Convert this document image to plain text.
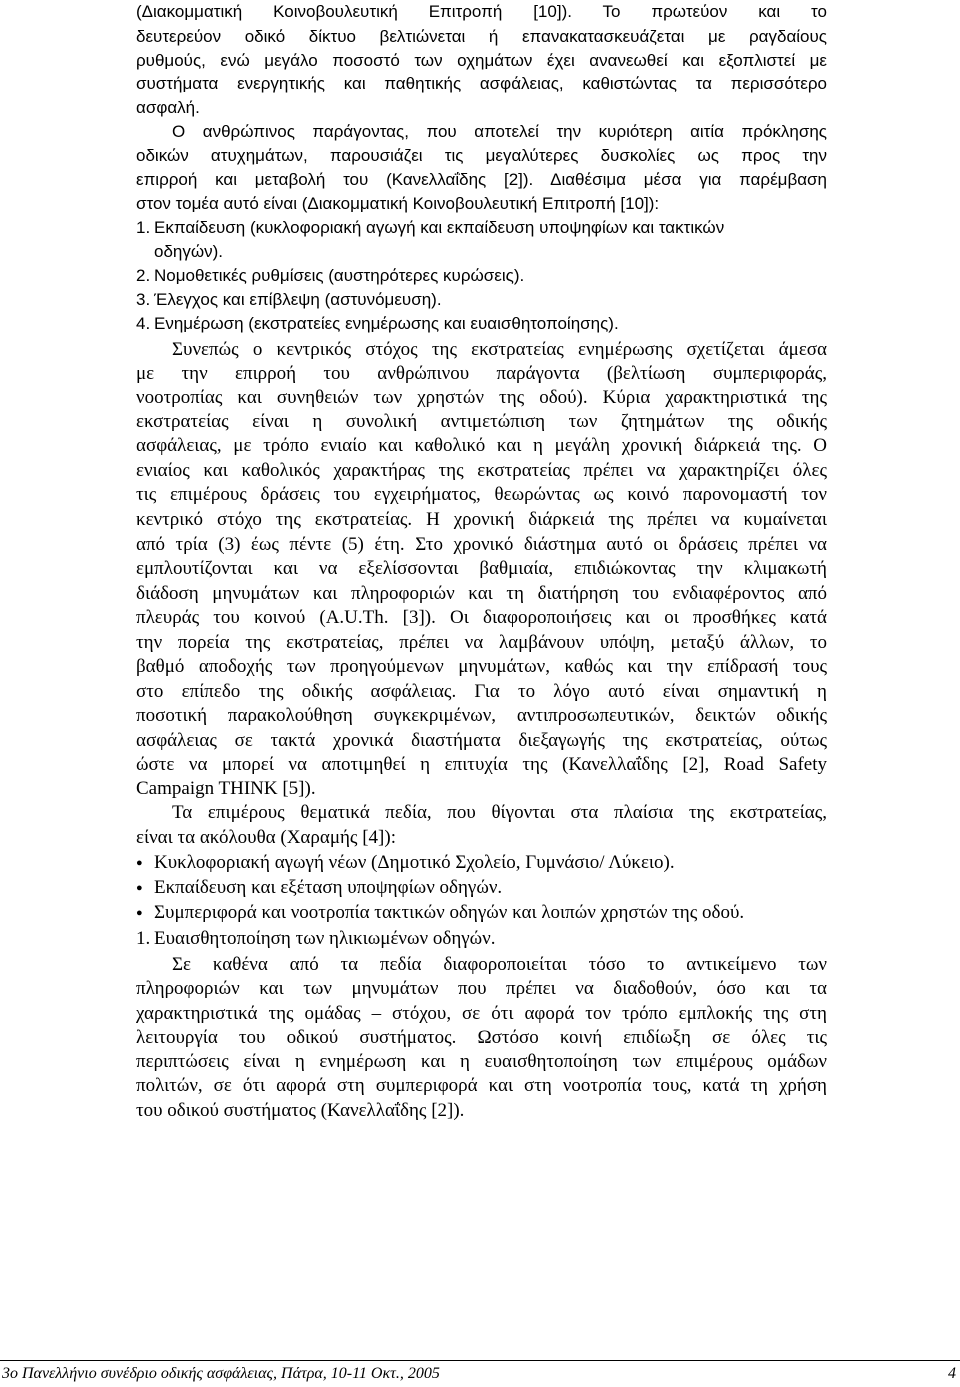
(Διακομματική Κοινοβουλευτική Επιτροπή [10]). Το πρωτεύον και το
δευτερεύον οδικό δίκτυο βελτιώνεται ή επανακατασκευάζεται με ραγδαίους
ρυθμούς, ενώ μεγάλο ποσοστό των οχημάτων έχει ανανεωθεί και εξοπλιστεί με
συστήματα ενεργητικής και παθητικής ασφάλειας, καθιστώντας τα περισσότερο
ασφαλή.
Ο ανθρώπινος παράγοντας, που αποτελεί την κυριότερη αιτία πρόκλησης
οδικών ατυχημάτων, παρουσιάζει τις μεγαλύτερες δυσκολίες ως προς την
επιρροή και μεταβολή του (Κανελλαΐδης [2]). Διαθέσιμα μέσα για παρέμβαση
στον τομέα αυτό είναι (Διακομματική Κοινοβουλευτική Επιτροπή [10]):
1. Εκπαίδευση (κυκλοφοριακή αγωγή και εκπαίδευση υποψηφίων και τακτικών
οδηγών).
2. Νομοθετικές ρυθμίσεις (αυστηρότερες κυρώσεις).
3. Έλεγχος και επίβλεψη (αστυνόμευση).
4. Ενημέρωση (εκστρατείες ενημέρωσης και ευαισθητοποίησης).
Συνεπώς ο κεντρικός στόχος της εκστρατείας ενημέρωσης σχετίζεται άμεσα
με την επιρροή του ανθρώπινου παράγοντα (βελτίωση συμπεριφοράς,
νοοτροπίας και συνηθειών των χρηστών της οδού). Κύρια χαρακτηριστικά της
εκστρατείας είναι η συνολική αντιμετώπιση των ζητημάτων της οδικής
ασφάλειας, με τρόπο ενιαίο και καθολικό και η μεγάλη χρονική διάρκειά της. Ο
ενιαίος και καθολικός χαρακτήρας της εκστρατείας πρέπει να χαρακτηρίζει όλες
τις επιμέρους δράσεις του εγχειρήματος, θεωρώντας ως κοινό παρονομαστή τον
κεντρικό στόχο της εκστρατείας. Η χρονική διάρκειά της πρέπει να κυμαίνεται
από τρία (3) έως πέντε (5) έτη. Στο χρονικό διάστημα αυτό οι δράσεις πρέπει να
εμπλουτίζονται και να εξελίσσονται βαθμιαία, επιδιώκοντας την κλιμακωτή
διάδοση μηνυμάτων και πληροφοριών και τη διατήρηση του ενδιαφέροντος από
πλευράς του κοινού (A.U.Th. [3]). Οι διαφοροποιήσεις και οι προσθήκες κατά
την πορεία της εκστρατείας, πρέπει να λαμβάνουν υπόψη, μεταξύ άλλων, το
βαθμό αποδοχής των προηγούμενων μηνυμάτων, καθώς και την επίδρασή τους
στο επίπεδο της οδικής ασφάλειας. Για το λόγο αυτό είναι σημαντική η
ποσοτική παρακολούθηση συγκεκριμένων, αντιπροσωπευτικών, δεικτών οδικής
ασφάλειας σε τακτά χρονικά διαστήματα διεξαγωγής της εκστρατείας, ούτως
ώστε να μπορεί να αποτιμηθεί η επιτυχία της (Κανελλαΐδης [2], Road Safety
Campaign THINK [5]).
Τα επιμέρους θεματικά πεδία, που θίγονται στα πλαίσια της εκστρατείας,
είναι τα ακόλουθα (Χαραμής [4]):
● Κυκλοφοριακή αγωγή νέων (Δημοτικό Σχολείο, Γυμνάσιο/ Λύκειο).
● Εκπαίδευση και εξέταση υποψηφίων οδηγών.
● Συμπεριφορά και νοοτροπία τακτικών οδηγών και λοιπών χρηστών της οδού.
1. Ευαισθητοποίηση των ηλικιωμένων οδηγών.
Σε καθένα από τα πεδία διαφοροποιείται τόσο το αντικείμενο των
πληροφοριών και των μηνυμάτων που πρέπει να διαδοθούν, όσο και τα
χαρακτηριστικά της ομάδας – στόχου, σε ότι αφορά τον τρόπο εμπλοκής της στη
λειτουργία του οδικού συστήματος. Ωστόσο κοινή επιδίωξη σε όλες τις
περιπτώσεις είναι η ενημέρωση και η ευαισθητοποίηση των επιμέρους ομάδων
πολιτών, σε ότι αφορά στη συμπεριφορά και στη νοοτροπία τους, κατά τη χρήση
του οδικού συστήματος (Κανελλαΐδης [2]).
3ο Πανελλήνιο συνέδριο οδικής ασφάλειας, Πάτρα, 10-11 Οκτ., 2005	4
